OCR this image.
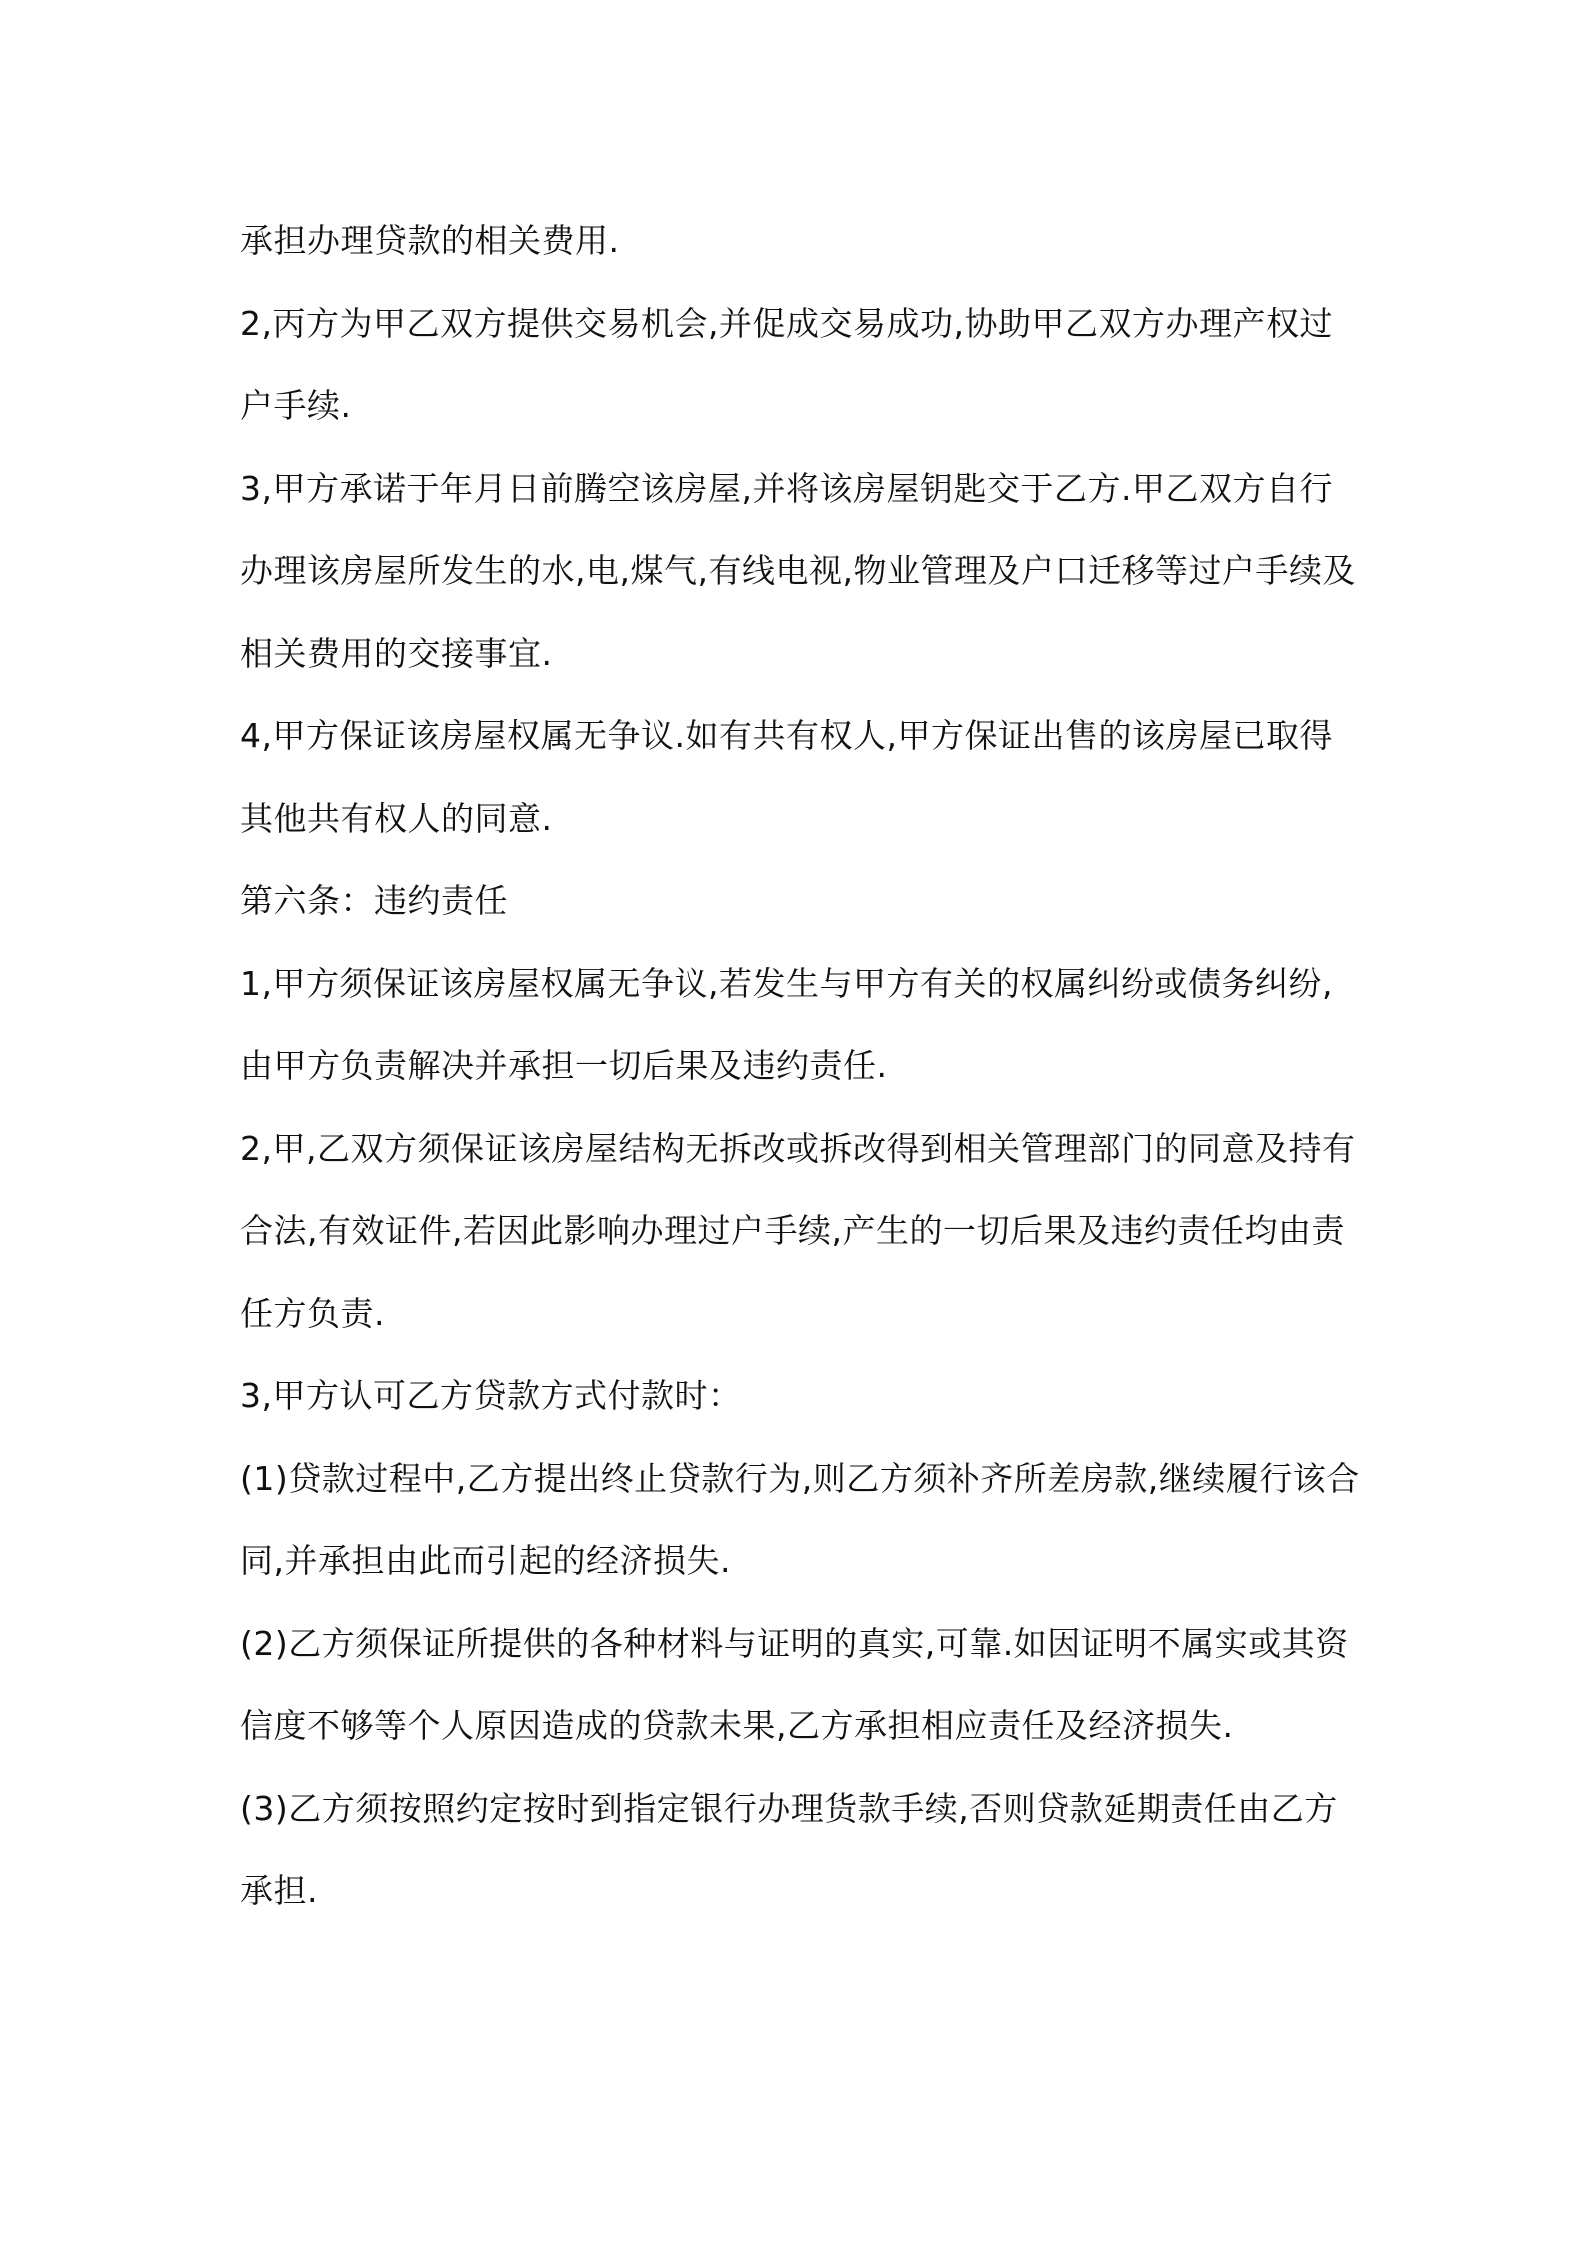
承担办理贷款的相关费用.

2,丙方为甲乙双方提供交易机会,并促成交易成功,协助甲乙双方办理产权过户手续.

3,甲方承诺于年月日前腾空该房屋,并将该房屋钥匙交于乙方.甲乙双方自行办理该房屋所发生的水,电,煤气,有线电视,物业管理及户口迁移等过户手续及相关费用的交接事宜.

4,甲方保证该房屋权属无争议.如有共有权人,甲方保证出售的该房屋已取得其他共有权人的同意.

第六条：违约责任

1,甲方须保证该房屋权属无争议,若发生与甲方有关的权属纠纷或债务纠纷,由甲方负责解决并承担一切后果及违约责任.

2,甲,乙双方须保证该房屋结构无拆改或拆改得到相关管理部门的同意及持有合法,有效证件,若因此影响办理过户手续,产生的一切后果及违约责任均由责任方负责.

3,甲方认可乙方贷款方式付款时：

(1)贷款过程中,乙方提出终止贷款行为,则乙方须补齐所差房款,继续履行该合同,并承担由此而引起的经济损失.

(2)乙方须保证所提供的各种材料与证明的真实,可靠.如因证明不属实或其资信度不够等个人原因造成的贷款未果,乙方承担相应责任及经济损失.

(3)乙方须按照约定按时到指定银行办理货款手续,否则贷款延期责任由乙方承担.
